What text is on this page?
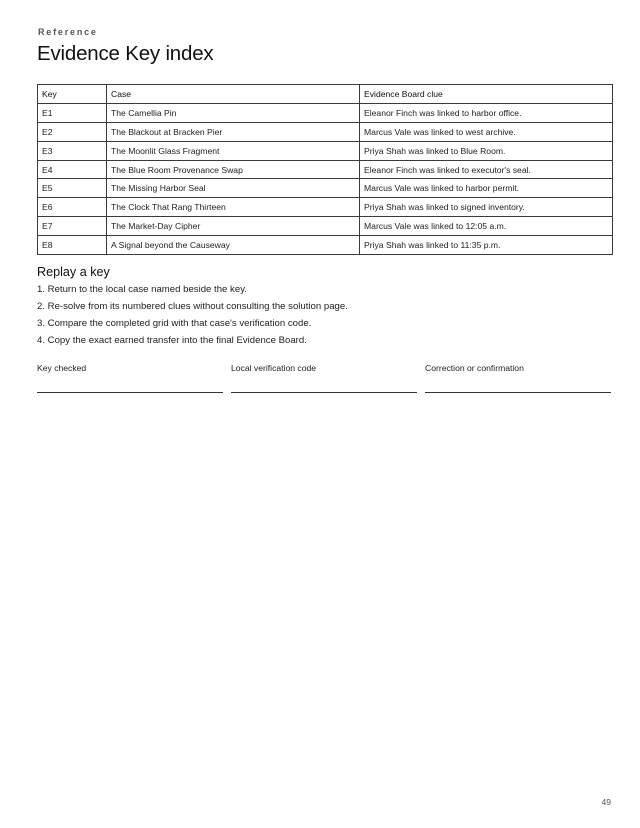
Reference
Evidence Key index
Key	Case	Evidence Board clue
E1	The Camellia Pin	Eleanor Finch was linked to harbor office.
E2	The Blackout at Bracken Pier	Marcus Vale was linked to west archive.
E3	The Moonlit Glass Fragment	Priya Shah was linked to Blue Room.
E4	The Blue Room Provenance Swap	Eleanor Finch was linked to executor's seal.
E5	The Missing Harbor Seal	Marcus Vale was linked to harbor permit.
E6	The Clock That Rang Thirteen	Priya Shah was linked to signed inventory.
E7	The Market-Day Cipher	Marcus Vale was linked to 12:05 a.m.
E8	A Signal beyond the Causeway	Priya Shah was linked to 11:35 p.m.
Replay a key
1. Return to the local case named beside the key.
2. Re-solve from its numbered clues without consulting the solution page.
3. Compare the completed grid with that case's verification code.
4. Copy the exact earned transfer into the final Evidence Board.
Key checked	Local verification code	Correction or confirmation
49
